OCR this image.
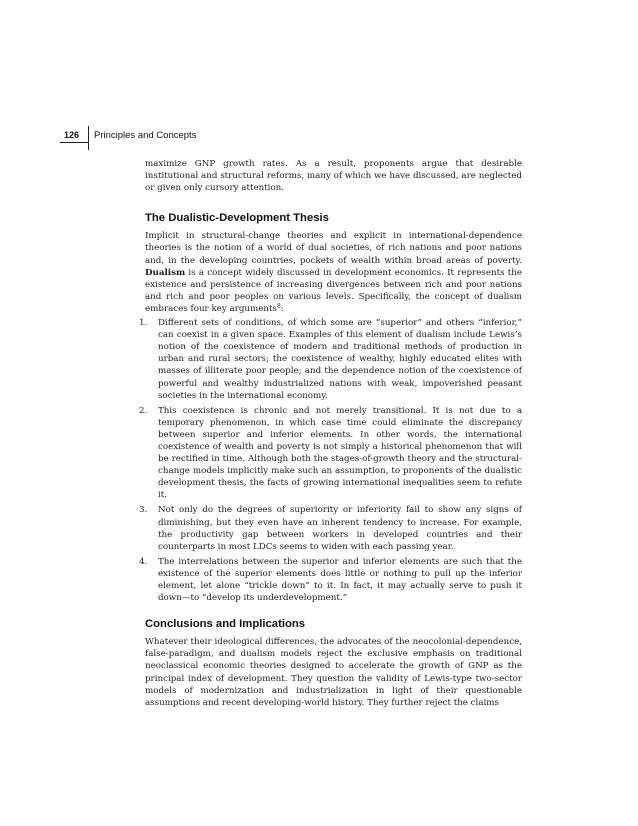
126 Principles and Concepts

maximize GNP growth rates. As a result, proponents argue that desirable institutional and structural reforms, many of which we have discussed, are neglected or given only cursory attention.

The Dualistic-Development Thesis

Implicit in structural-change theories and explicit in international-dependence theories is the notion of a world of dual societies, of rich nations and poor nations and, in the developing countries, pockets of wealth within broad areas of poverty. Dualism is a concept widely discussed in development economics. It represents the existence and persistence of increasing divergences between rich and poor nations and rich and poor peoples on various levels. Specifically, the concept of dualism embraces four key arguments$^8$:

1. Different sets of conditions, of which some are “superior” and others “inferior,” can coexist in a given space. Examples of this element of dualism include Lewis’s notion of the coexistence of modern and traditional methods of production in urban and rural sectors; the coexistence of wealthy, highly educated elites with masses of illiterate poor people; and the dependence notion of the coexistence of powerful and wealthy industrialized nations with weak, impoverished peasant societies in the international economy.
2. This coexistence is chronic and not merely transitional. It is not due to a temporary phenomenon, in which case time could eliminate the discrepancy between superior and inferior elements. In other words, the international coexistence of wealth and poverty is not simply a historical phenomenon that will be rectified in time. Although both the stages-of-growth theory and the structural-change models implicitly make such an assumption, to proponents of the dualistic development thesis, the facts of growing international inequalities seem to refute it.
3. Not only do the degrees of superiority or inferiority fail to show any signs of diminishing, but they even have an inherent tendency to increase. For example, the productivity gap between workers in developed countries and their counterparts in most LDCs seems to widen with each passing year.
4. The interrelations between the superior and inferior elements are such that the existence of the superior elements does little or nothing to pull up the inferior element, let alone “trickle down” to it. In fact, it may actually serve to push it down—to “develop its underdevelopment.”
Conclusions and Implications

Whatever their ideological differences, the advocates of the neocolonial-dependence, false-paradigm, and dualism models reject the exclusive emphasis on traditional neoclassical economic theories designed to accelerate the growth of GNP as the principal index of development. They question the validity of Lewis-type two-sector models of modernization and industrialization in light of their questionable assumptions and recent developing-world history. They further reject the claims
